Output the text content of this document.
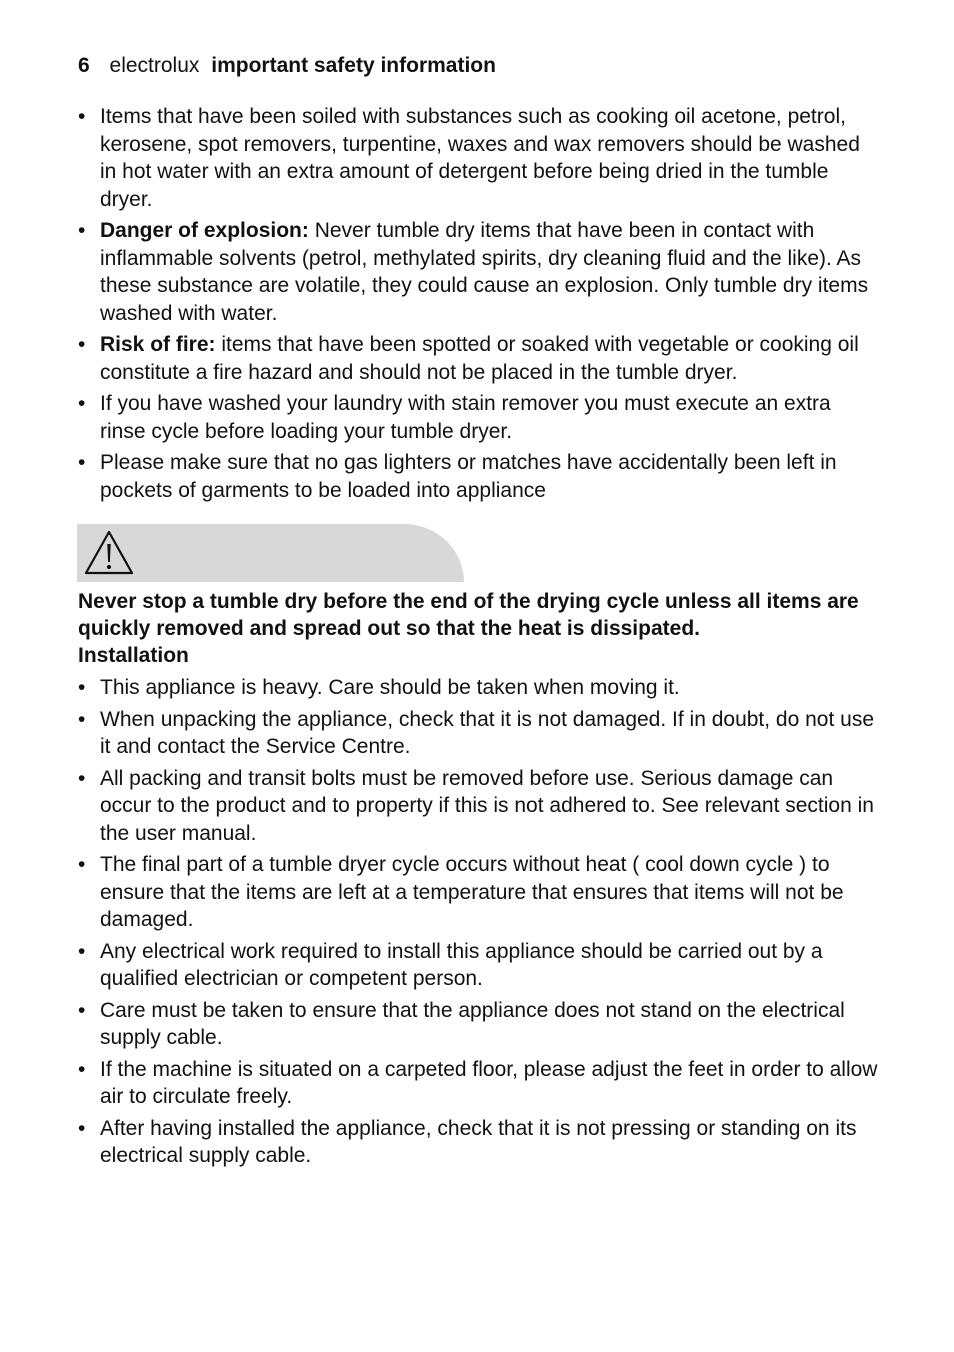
6 electrolux important safety information
• Items that have been soiled with substances such as cooking oil acetone, petrol, kerosene, spot removers, turpentine, waxes and wax removers should be washed in hot water with an extra amount of detergent before being dried in the tumble dryer.
• Danger of explosion: Never tumble dry items that have been in contact with inflammable solvents (petrol, methylated spirits, dry cleaning fluid and the like). As these substance are volatile, they could cause an explosion. Only tumble dry items washed with water.
• Risk of fire: items that have been spotted or soaked with vegetable or cooking oil constitute a fire hazard and should not be placed in the tumble dryer.
• If you have washed your laundry with stain remover you must execute an extra rinse cycle before loading your tumble dryer.
• Please make sure that no gas lighters or matches have accidentally been left in pockets of garments to be loaded into appliance
Never stop a tumble dry before the end of the drying cycle unless all items are quickly removed and spread out so that the heat is dissipated.
Installation
• This appliance is heavy. Care should be taken when moving it.
• When unpacking the appliance, check that it is not damaged. If in doubt, do not use it and contact the Service Centre.
• All packing and transit bolts must be removed before use. Serious damage can occur to the product and to property if this is not adhered to. See relevant section in the user manual.
• The final part of a tumble dryer cycle occurs without heat ( cool down cycle ) to ensure that the items are left at a temperature that ensures that items will not be damaged.
• Any electrical work required to install this appliance should be carried out by a qualified electrician or competent person.
• Care must be taken to ensure that the appliance does not stand on the electrical supply cable.
• If the machine is situated on a carpeted floor, please adjust the feet in order to allow air to circulate freely.
• After having installed the appliance, check that it is not pressing or standing on its electrical supply cable.
